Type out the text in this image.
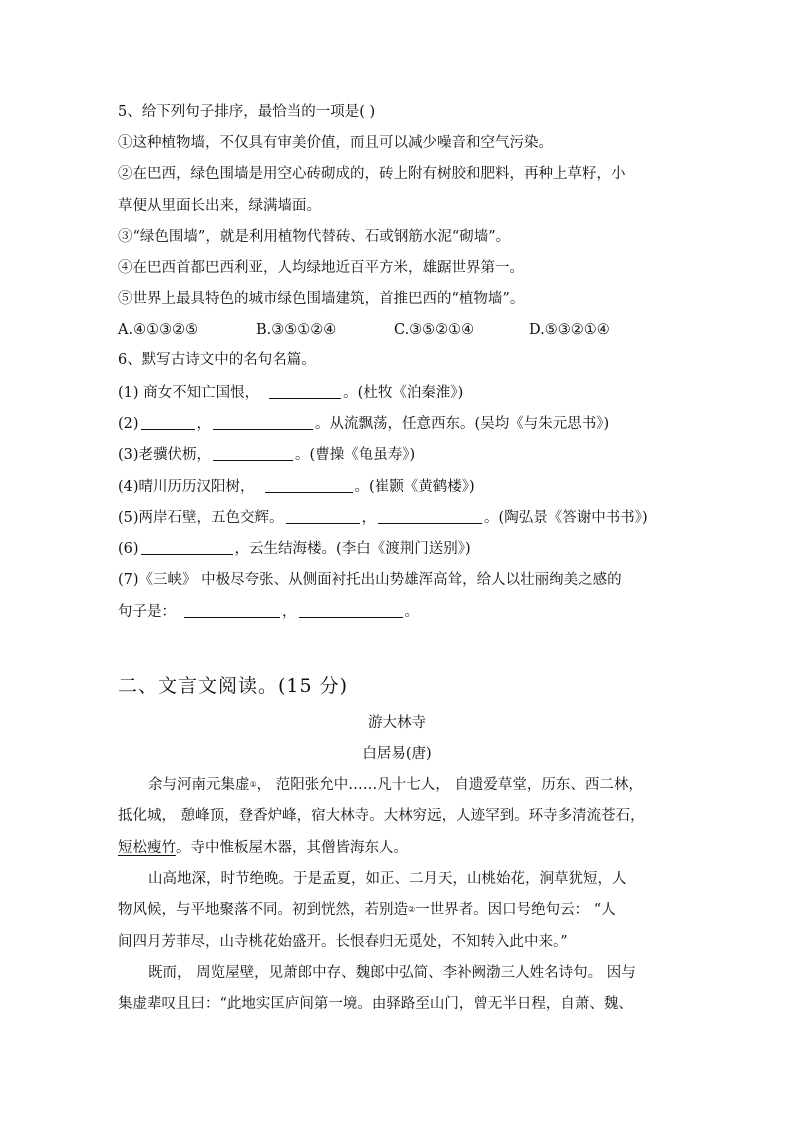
5、给下列句子排序，最恰当的一项是( )
①这种植物墙，不仅具有审美价值，而且可以减少噪音和空气污染。
②在巴西，绿色围墙是用空心砖砌成的，砖上附有树胶和肥料，再种上草籽，小
草便从里面长出来，绿满墙面。
③“绿色围墙”，就是利用植物代替砖、石或钢筋水泥“砌墙”。
④在巴西首都巴西利亚，人均绿地近百平方米，雄踞世界第一。
⑤世界上最具特色的城市绿色围墙建筑，首推巴西的“植物墙”。
A.④①③②⑤	B.③⑤①②④	C.③⑤②①④	D.⑤③②①④
6、默写古诗文中的名句名篇。
(1) 商女不知亡国恨，	。(杜牧《泊秦淮》)
(2)	，	。从流飘荡，任意西东。(吴均《与朱元思书》)
(3)老骥伏枥，	。(曹操《龟虽寿》)
(4)晴川历历汉阳树，	。(崔颢《黄鹤楼》)
(5)两岸石壁，五色交辉。	，	。(陶弘景《答谢中书书》)
(6)	，云生结海楼。(李白《渡荆门送别》)
(7)《三峡》 中极尽夸张、从侧面衬托出山势雄浑高耸，给人以壮丽绚美之感的
句子是：	，	。
二、文言文阅读。(15 分)
游大林寺
白居易(唐)
余与河南元集虚①， 范阳张允中……凡十七人， 自遗爱草堂，历东、西二林，
抵化城， 憩峰顶，登香炉峰，宿大林寺。大林穷远，人迹罕到。环寺多清流苍石，
短松瘦竹。寺中惟板屋木器，其僧皆海东人。
山高地深，时节绝晚。于是孟夏，如正、二月天，山桃始花，涧草犹短，人
物风候，与平地聚落不同。初到恍然，若别造②一世界者。因口号绝句云： “人
间四月芳菲尽，山寺桃花始盛开。长恨春归无觅处，不知转入此中来。”
既而， 周览屋壁，见萧郎中存、魏郎中弘简、李补阙渤三人姓名诗句。 因与
集虚辈叹且曰：“此地实匡庐间第一境。由驿路至山门，曾无半日程，自萧、魏、
